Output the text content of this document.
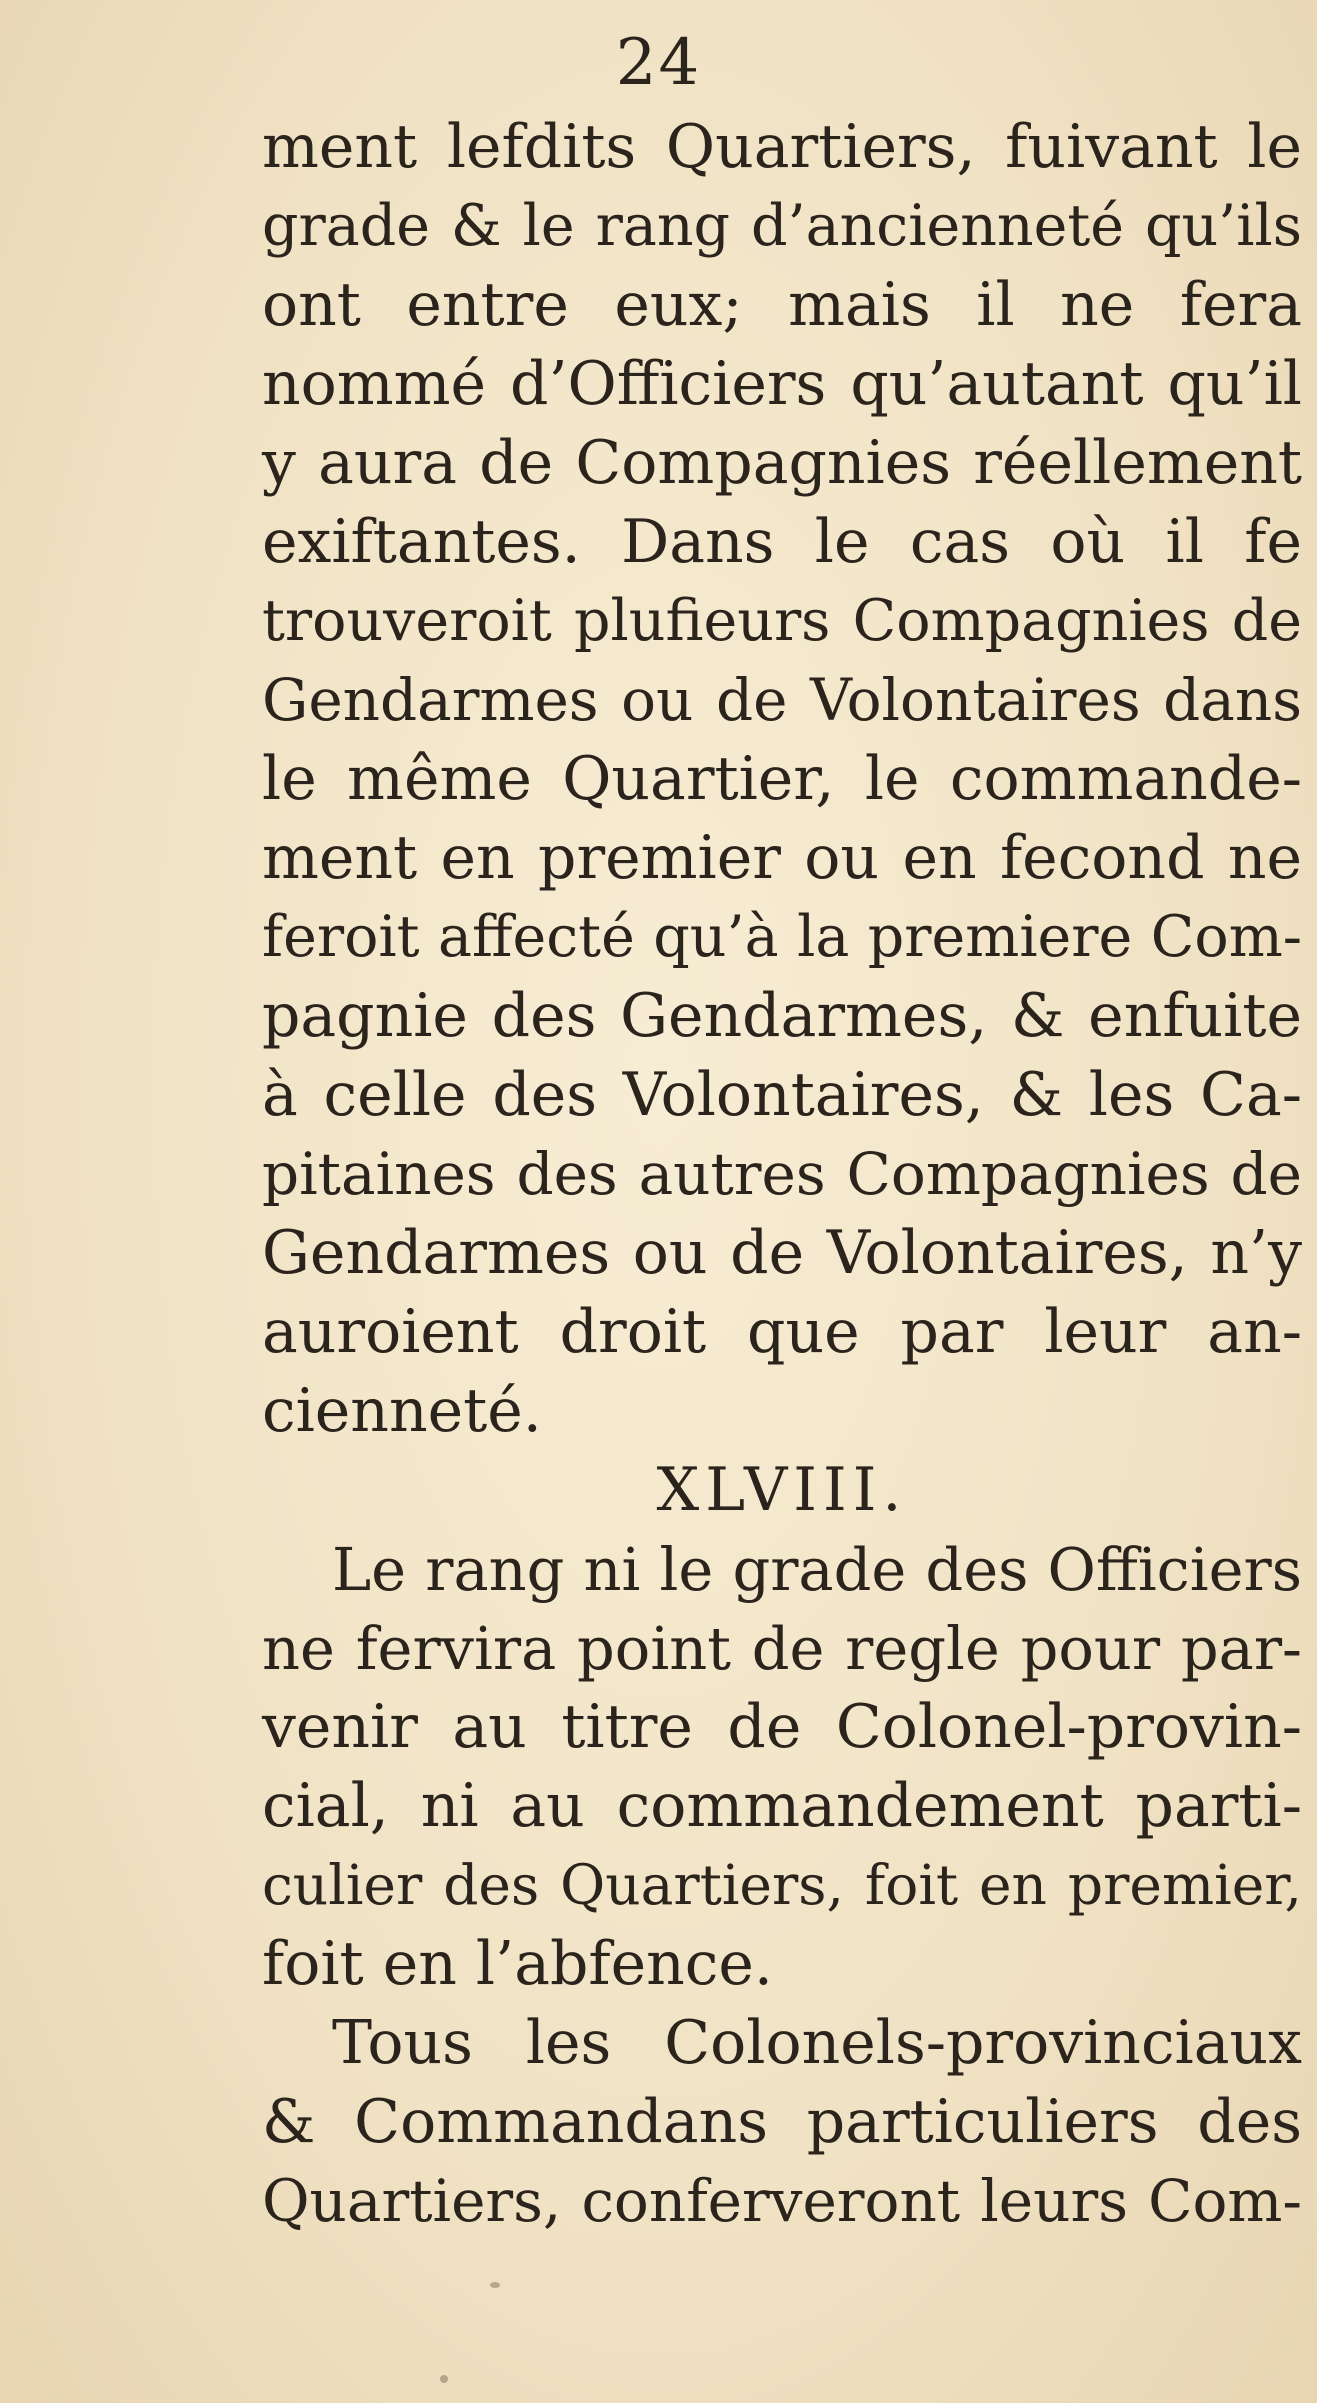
24
ment lefdits Quartiers, fuivant le
grade & le rang d’ancienneté qu’ils
ont entre eux; mais il ne fera
nommé d’Officiers qu’autant qu’il
y aura de Compagnies réellement
exiftantes. Dans le cas où il fe
trouveroit plufieurs Compagnies de
Gendarmes ou de Volontaires dans
le même Quartier, le commande-
ment en premier ou en fecond ne
feroit affecté qu’à la premiere Com-
pagnie des Gendarmes, & enfuite
à celle des Volontaires, & les Ca-
pitaines des autres Compagnies de
Gendarmes ou de Volontaires, n’y
auroient droit que par leur an-
cienneté.
XLVIII.
Le rang ni le grade des Officiers
ne fervira point de regle pour par-
venir au titre de Colonel-provin-
cial, ni au commandement parti-
culier des Quartiers, foit en premier,
foit en l’abfence.
Tous les Colonels-provinciaux
& Commandans particuliers des
Quartiers, conferveront leurs Com-
